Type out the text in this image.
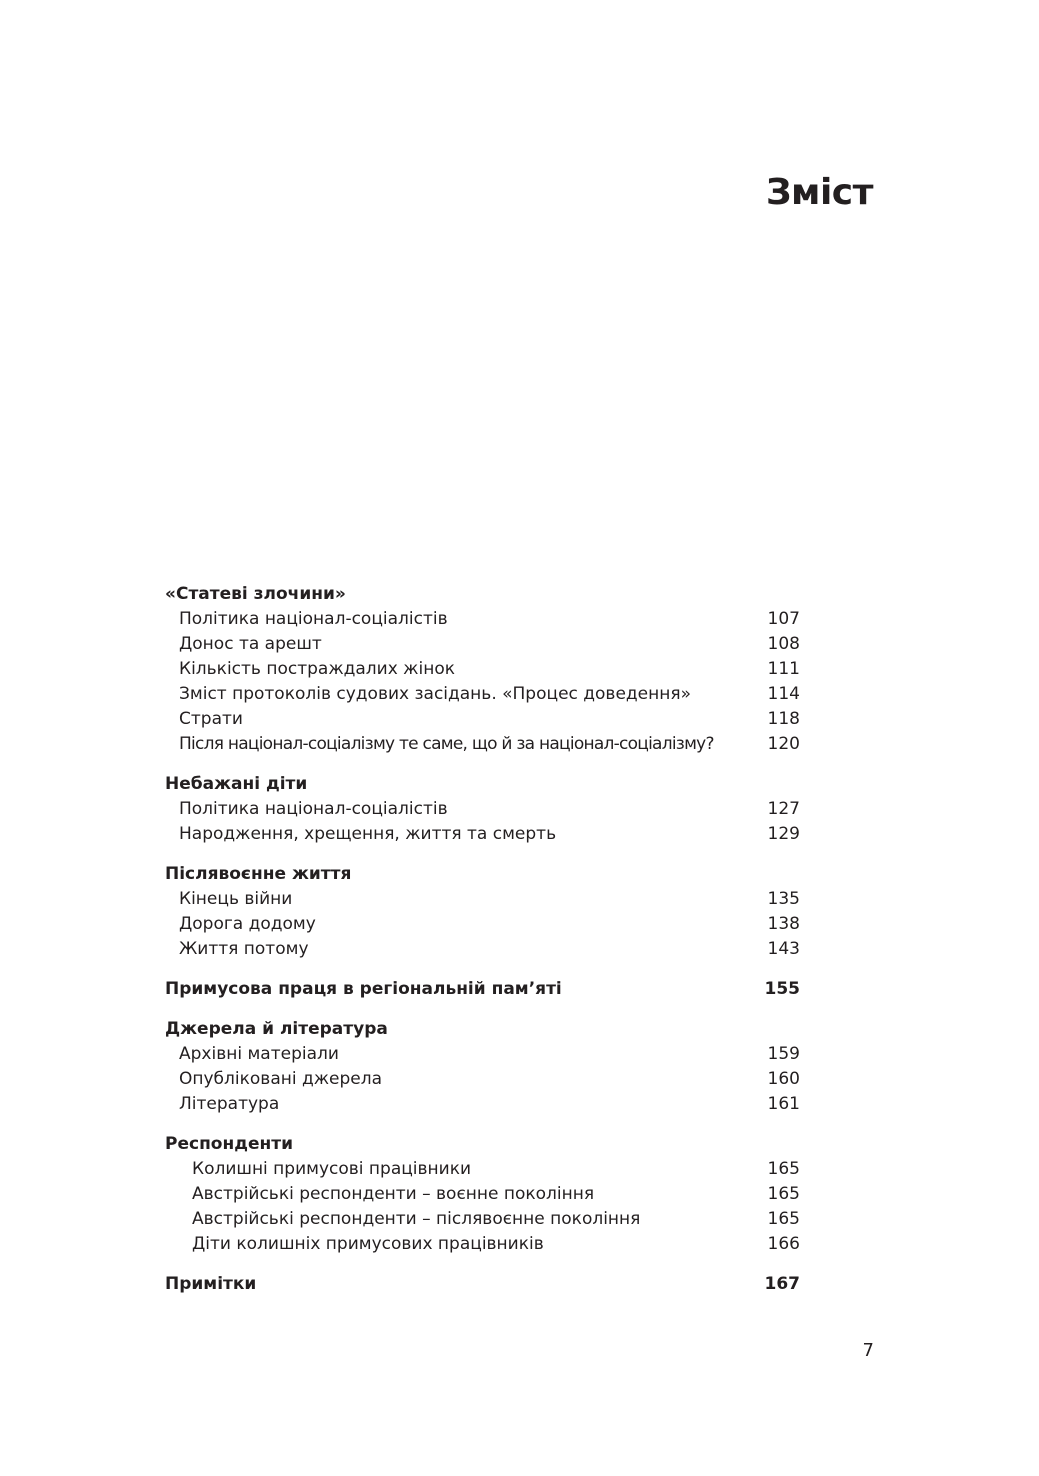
Зміст
«Статеві злочини»
Політика націонал-соціалістів	107
Донос та арешт	108
Кількість постраждалих жінок	111
Зміст протоколів судових засідань. «Процес доведення»	114
Страти	118
Після націонал-соціалізму те саме, що й за націонал-соціалізму?	120
Небажані діти
Політика націонал-соціалістів	127
Народження, хрещення, життя та смерть	129
Післявоєнне життя
Кінець війни	135
Дорога додому	138
Життя потому	143
Примусова праця в регіональній пам’яті	155
Джерела й література
Архівні матеріали	159
Опубліковані джерела	160
Література	161
Респонденти
Колишні примусові працівники	165
Австрійські респонденти – воєнне покоління	165
Австрійські респонденти – післявоєнне покоління	165
Діти колишніх примусових працівників	166
Примітки	167
7
